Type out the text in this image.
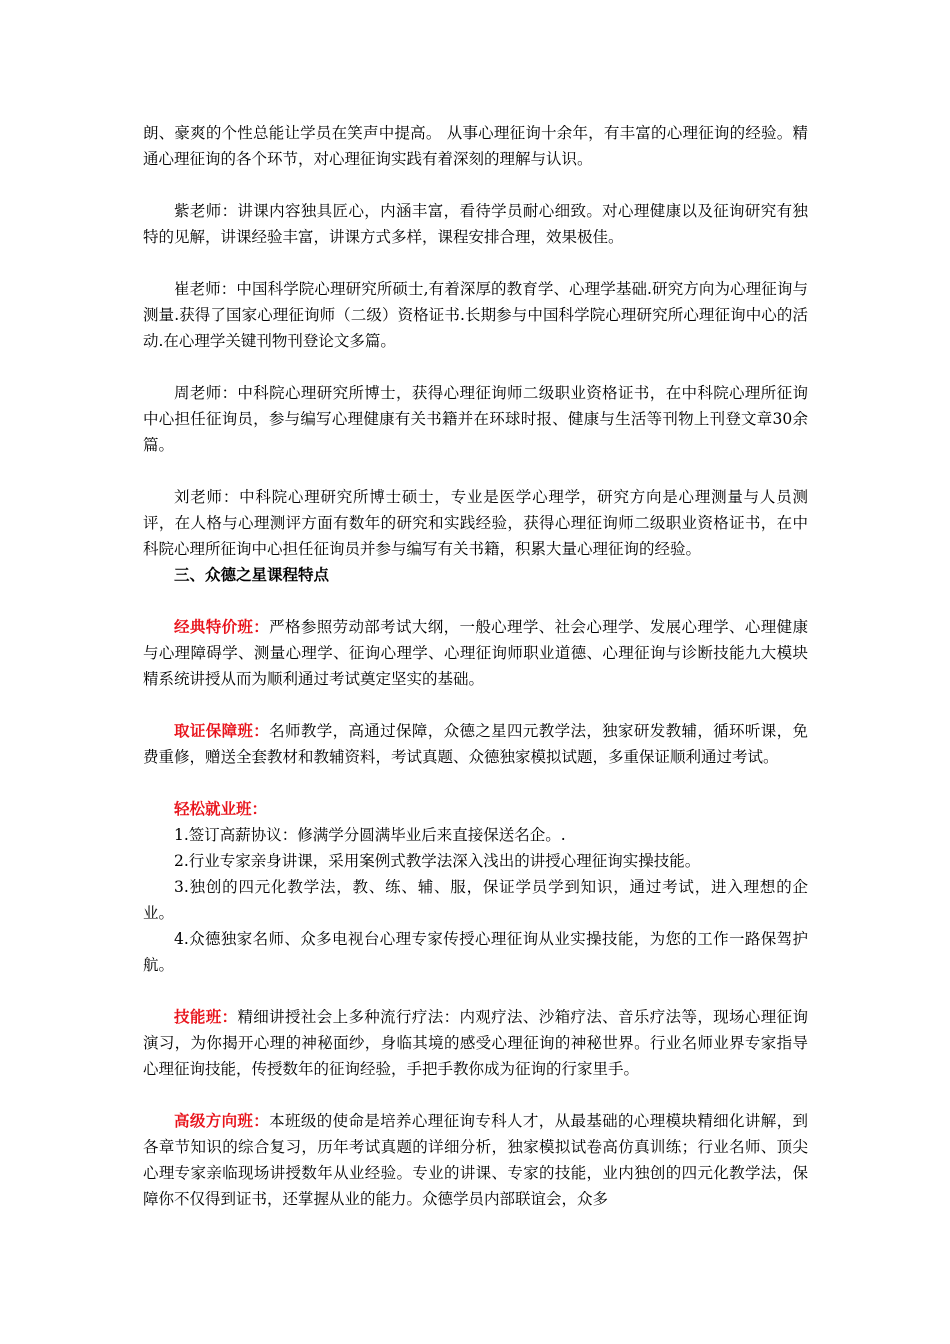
朗、豪爽的个性总能让学员在笑声中提高。 从事心理征询十余年，有丰富的心理征询的经验。精通心理征询的各个环节，对心理征询实践有着深刻的理解与认识。

紫老师：讲课内容独具匠心，内涵丰富，看待学员耐心细致。对心理健康以及征询研究有独特的见解，讲课经验丰富，讲课方式多样，课程安排合理，效果极佳。

崔老师：中国科学院心理研究所硕士,有着深厚的教育学、心理学基础.研究方向为心理征询与测量.获得了国家心理征询师（二级）资格证书.长期参与中国科学院心理研究所心理征询中心的活动.在心理学关键刊物刊登论文多篇。

周老师：中科院心理研究所博士，获得心理征询师二级职业资格证书，在中科院心理所征询中心担任征询员，参与编写心理健康有关书籍并在环球时报、健康与生活等刊物上刊登文章30余篇。

刘老师：中科院心理研究所博士硕士，专业是医学心理学，研究方向是心理测量与人员测评，在人格与心理测评方面有数年的研究和实践经验，获得心理征询师二级职业资格证书，在中科院心理所征询中心担任征询员并参与编写有关书籍，积累大量心理征询的经验。

三、众德之星课程特点

经典特价班：严格参照劳动部考试大纲，一般心理学、社会心理学、发展心理学、心理健康与心理障碍学、测量心理学、征询心理学、心理征询师职业道德、心理征询与诊断技能九大模块精系统讲授从而为顺利通过考试奠定坚实的基础。

取证保障班：名师教学，高通过保障，众德之星四元教学法，独家研发教辅，循环听课，免费重修，赠送全套教材和教辅资料，考试真题、众德独家模拟试题，多重保证顺利通过考试。

轻松就业班：

1.签订高薪协议：修满学分圆满毕业后来直接保送名企。.

2.行业专家亲身讲课，采用案例式教学法深入浅出的讲授心理征询实操技能。

3.独创的四元化教学法，教、练、辅、服，保证学员学到知识，通过考试，进入理想的企业。

4.众德独家名师、众多电视台心理专家传授心理征询从业实操技能，为您的工作一路保驾护航。

技能班：精细讲授社会上多种流行疗法：内观疗法、沙箱疗法、音乐疗法等，现场心理征询演习，为你揭开心理的神秘面纱，身临其境的感受心理征询的神秘世界。行业名师业界专家指导心理征询技能，传授数年的征询经验，手把手教你成为征询的行家里手。

高级方向班：本班级的使命是培养心理征询专科人才，从最基础的心理模块精细化讲解，到各章节知识的综合复习，历年考试真题的详细分析，独家模拟试卷高仿真训练；行业名师、顶尖心理专家亲临现场讲授数年从业经验。专业的讲课、专家的技能，业内独创的四元化教学法，保障你不仅得到证书，还掌握从业的能力。众德学员内部联谊会，众多
